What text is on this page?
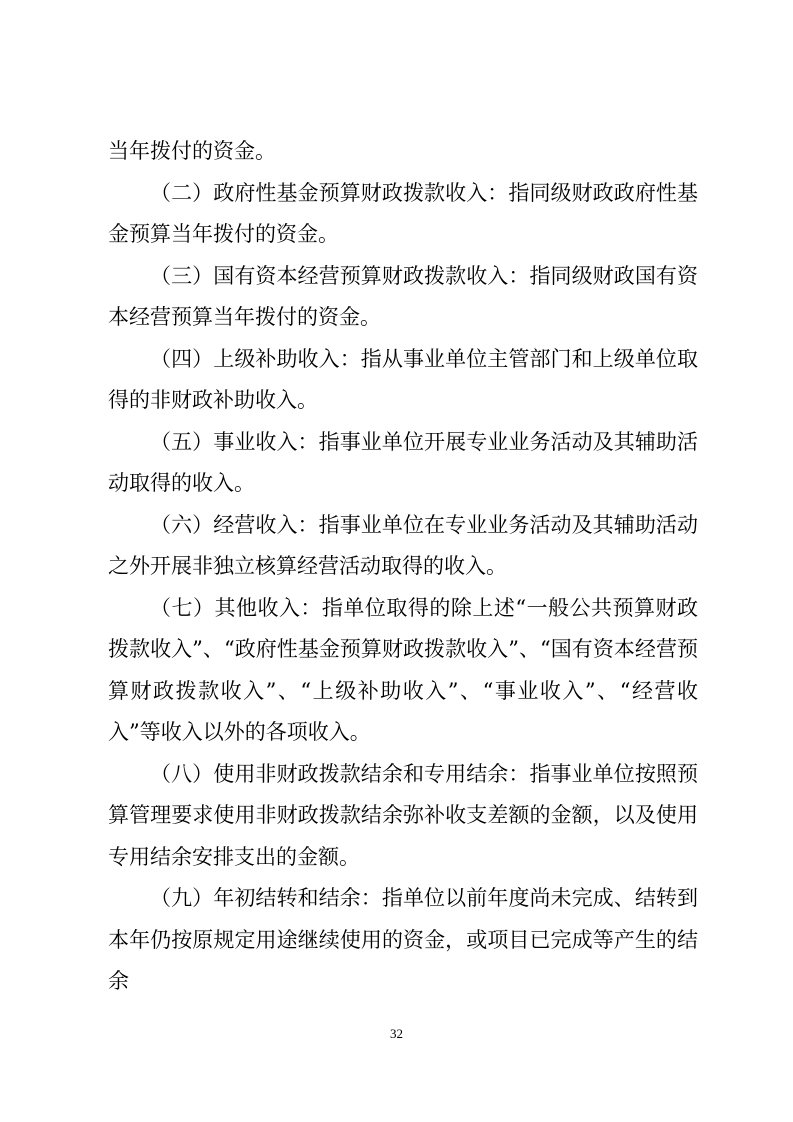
当年拨付的资金。

（二）政府性基金预算财政拨款收入：指同级财政政府性基金预算当年拨付的资金。

（三）国有资本经营预算财政拨款收入：指同级财政国有资本经营预算当年拨付的资金。

（四）上级补助收入：指从事业单位主管部门和上级单位取得的非财政补助收入。

（五）事业收入：指事业单位开展专业业务活动及其辅助活动取得的收入。

（六）经营收入：指事业单位在专业业务活动及其辅助活动之外开展非独立核算经营活动取得的收入。

（七）其他收入：指单位取得的除上述“一般公共预算财政拨款收入”、“政府性基金预算财政拨款收入”、“国有资本经营预算财政拨款收入”、“上级补助收入”、“事业收入”、“经营收入”等收入以外的各项收入。

（八）使用非财政拨款结余和专用结余：指事业单位按照预算管理要求使用非财政拨款结余弥补收支差额的金额，以及使用专用结余安排支出的金额。

（九）年初结转和结余：指单位以前年度尚未完成、结转到本年仍按原规定用途继续使用的资金，或项目已完成等产生的结余

32
